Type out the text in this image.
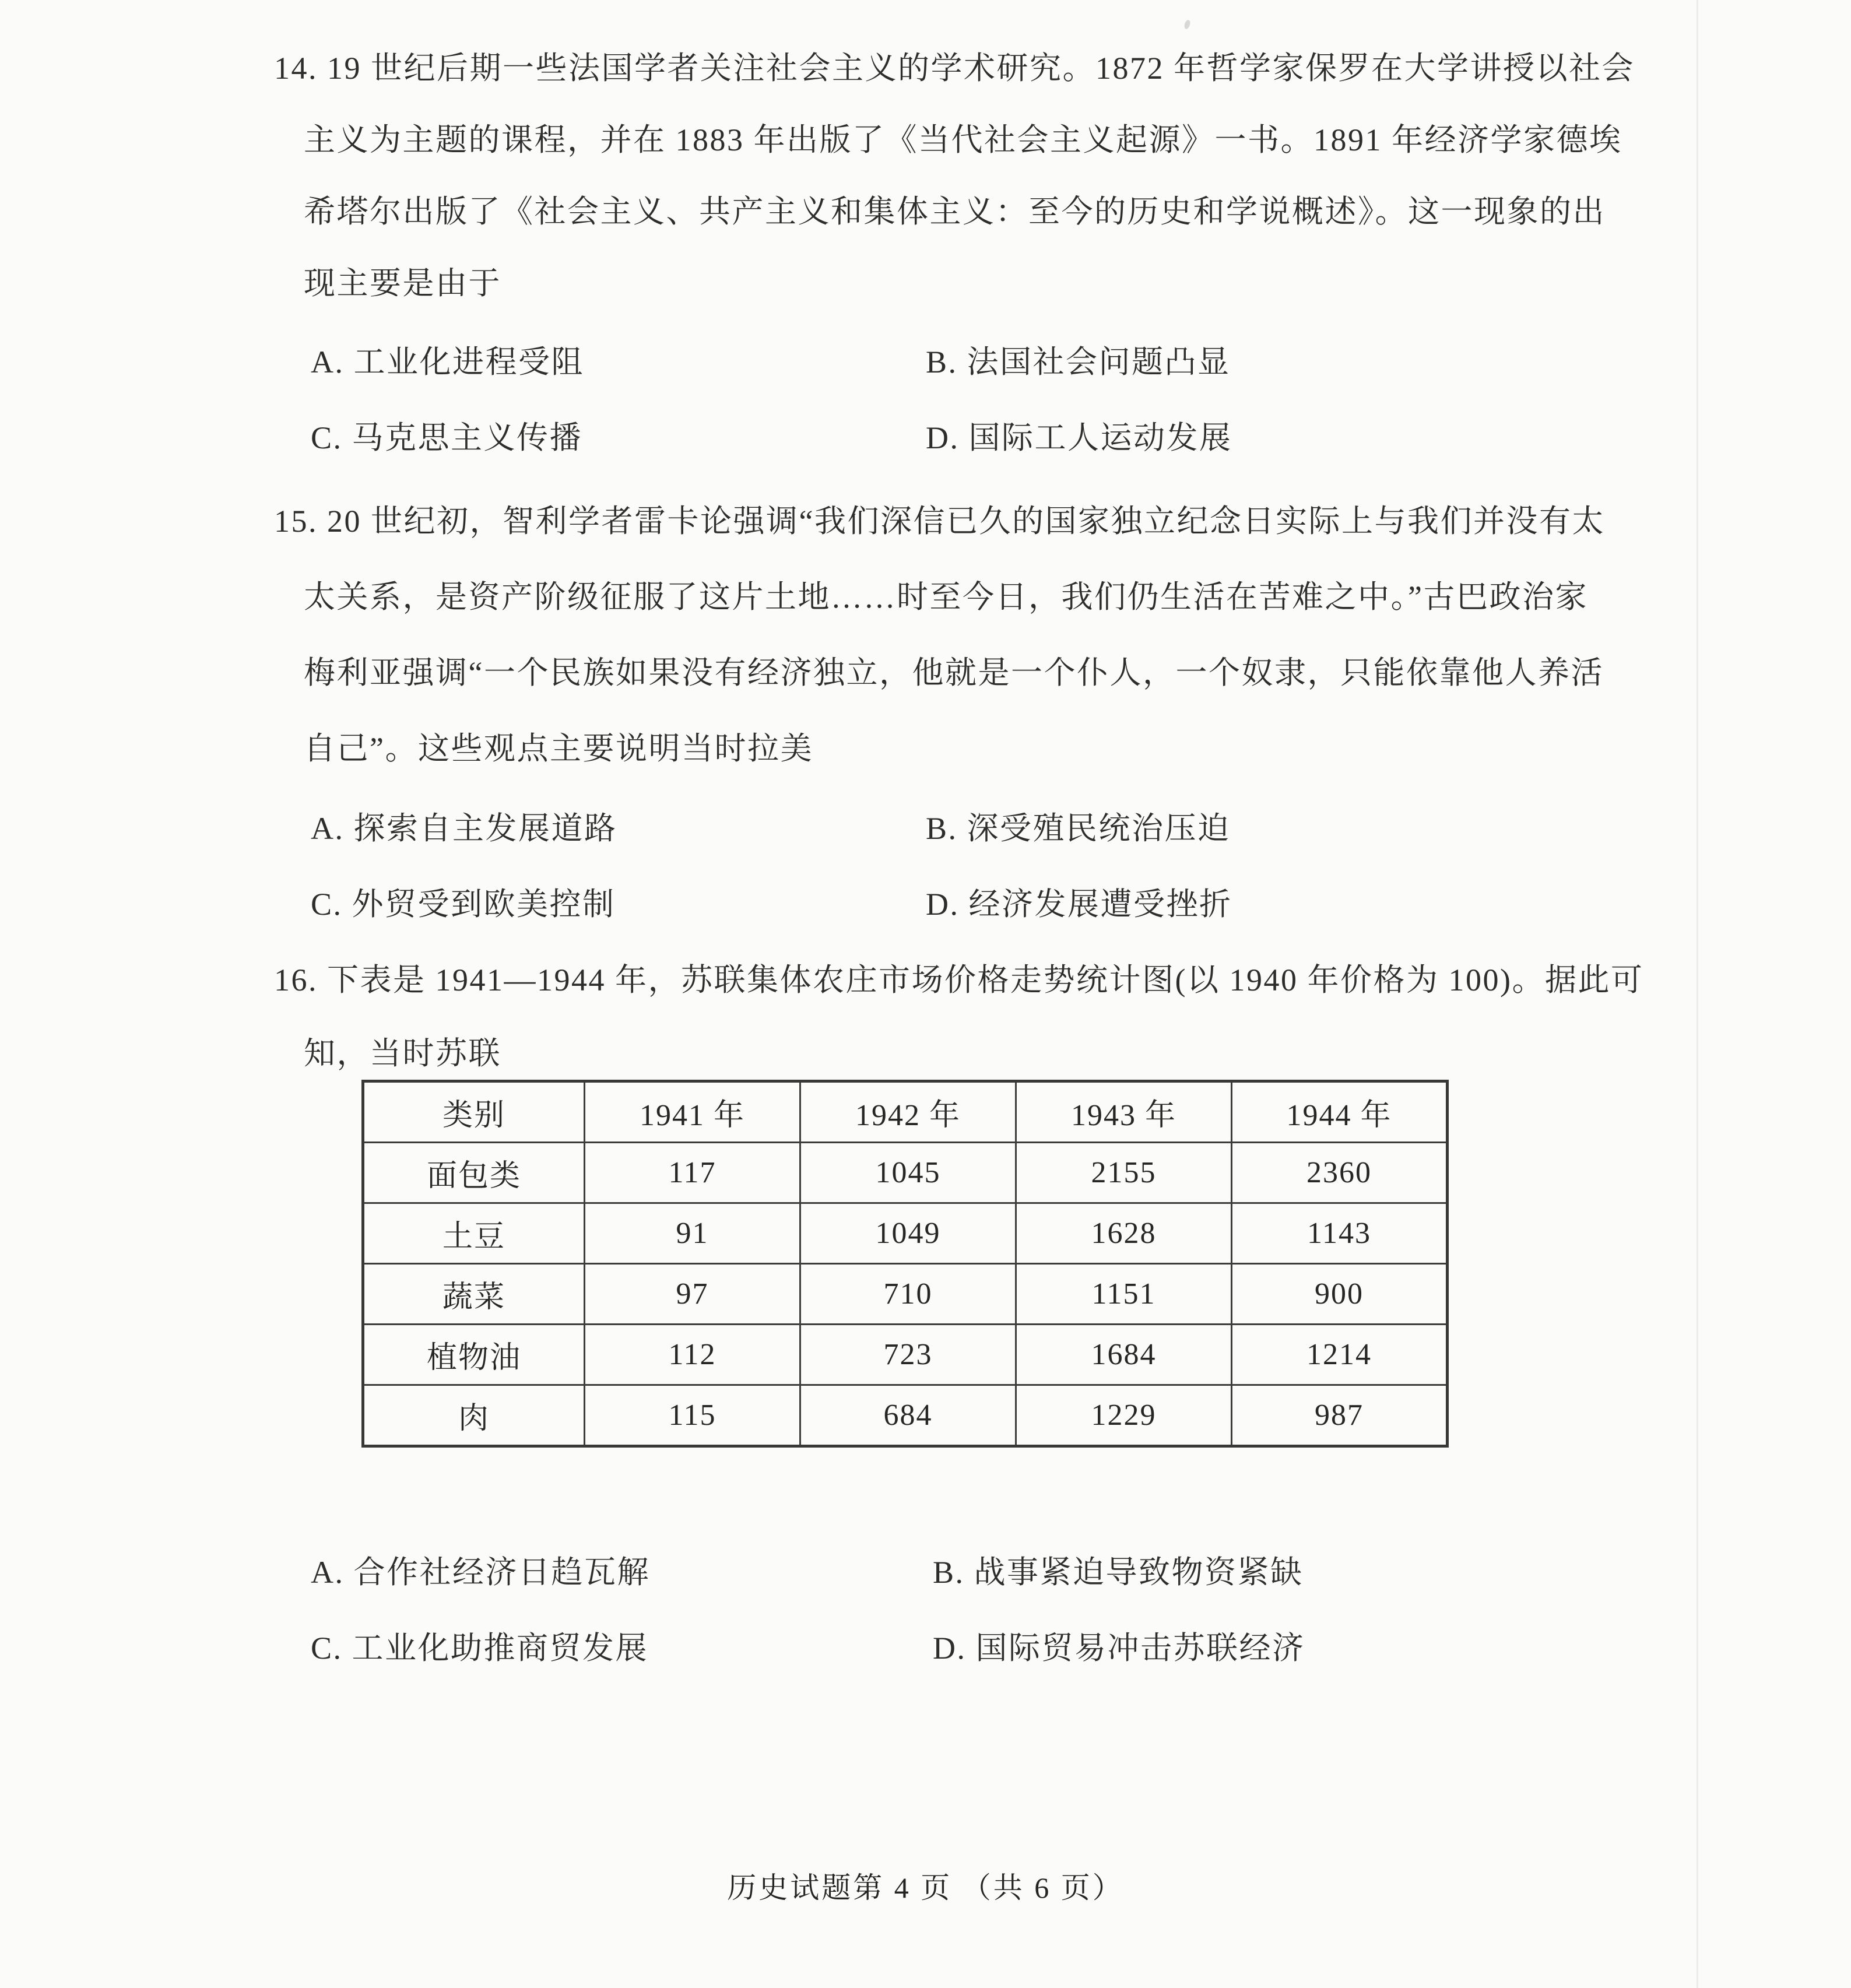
14. 19 世纪后期一些法国学者关注社会主义的学术研究。1872 年哲学家保罗在大学讲授以社会
主义为主题的课程，并在 1883 年出版了《当代社会主义起源》一书。1891 年经济学家德埃
希塔尔出版了《社会主义、共产主义和集体主义：至今的历史和学说概述》。这一现象的出
现主要是由于
A. 工业化进程受阻	B. 法国社会问题凸显
C. 马克思主义传播	D. 国际工人运动发展
15. 20 世纪初，智利学者雷卡论强调“我们深信已久的国家独立纪念日实际上与我们并没有太
太关系，是资产阶级征服了这片土地……时至今日，我们仍生活在苦难之中。”古巴政治家
梅利亚强调“一个民族如果没有经济独立，他就是一个仆人，一个奴隶，只能依靠他人养活
自己”。这些观点主要说明当时拉美
A. 探索自主发展道路	B. 深受殖民统治压迫
C. 外贸受到欧美控制	D. 经济发展遭受挫折
16. 下表是 1941—1944 年，苏联集体农庄市场价格走势统计图(以 1940 年价格为 100)。据此可
知，当时苏联
类别	1941 年	1942 年	1943 年	1944 年
面包类	117	1045	2155	2360
土豆	91	1049	1628	1143
蔬菜	97	710	1151	900
植物油	112	723	1684	1214
肉	115	684	1229	987
A. 合作社经济日趋瓦解	B. 战事紧迫导致物资紧缺
C. 工业化助推商贸发展	D. 国际贸易冲击苏联经济
历史试题第 4 页 （共 6 页）
